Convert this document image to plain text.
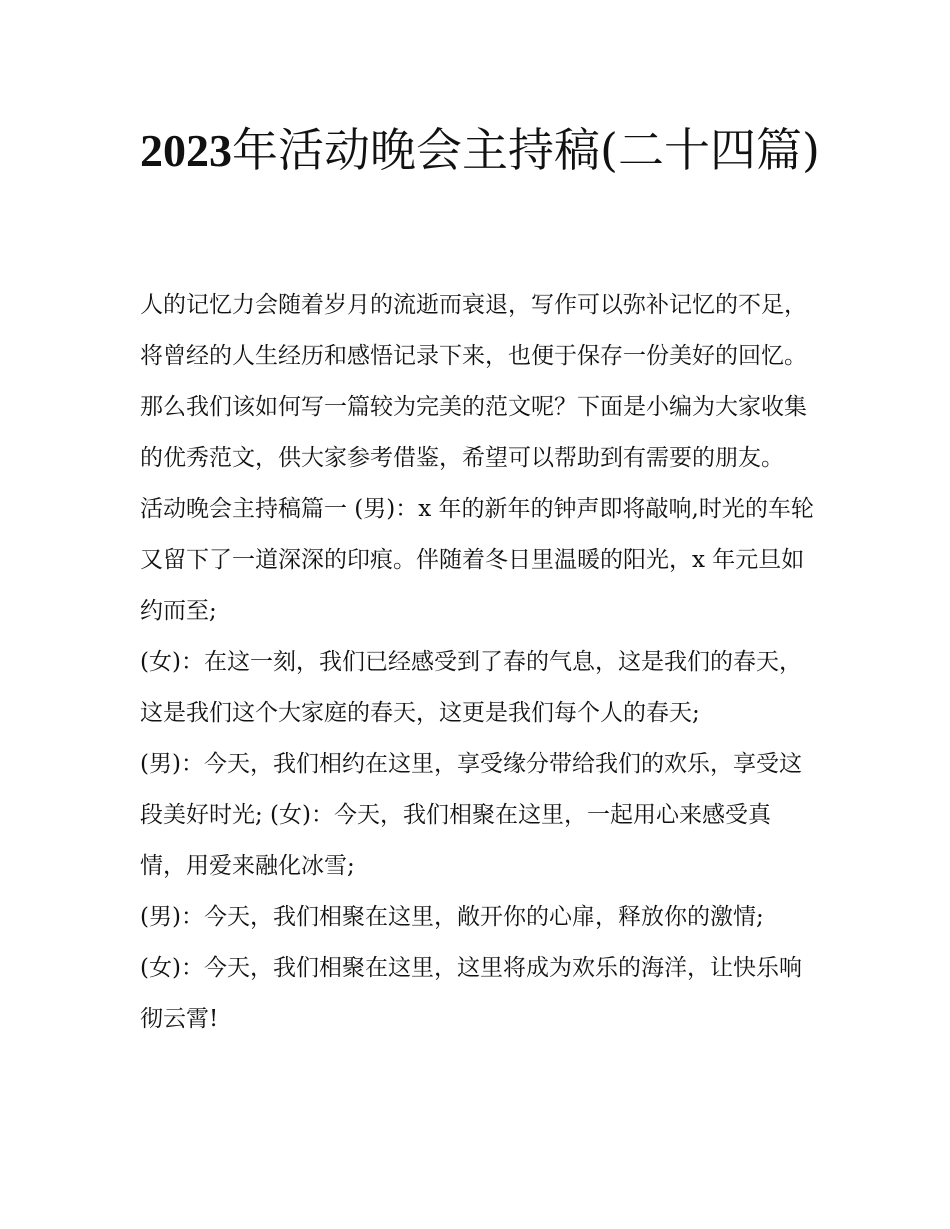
2023年活动晚会主持稿(二十四篇)

人的记忆力会随着岁月的流逝而衰退，写作可以弥补记忆的不足，将曾经的人生经历和感悟记录下来，也便于保存一份美好的回忆。那么我们该如何写一篇较为完美的范文呢？下面是小编为大家收集的优秀范文，供大家参考借鉴，希望可以帮助到有需要的朋友。

活动晚会主持稿篇一 (男)：x 年的新年的钟声即将敲响,时光的车轮又留下了一道深深的印痕。伴随着冬日里温暖的阳光，x 年元旦如约而至;

(女)：在这一刻，我们已经感受到了春的气息，这是我们的春天，这是我们这个大家庭的春天，这更是我们每个人的春天;

(男)：今天，我们相约在这里，享受缘分带给我们的欢乐，享受这段美好时光; (女)：今天，我们相聚在这里，一起用心来感受真情，用爱来融化冰雪;

(男)：今天，我们相聚在这里，敞开你的心扉，释放你的激情; (女)：今天，我们相聚在这里，这里将成为欢乐的海洋，让快乐响彻云霄!
